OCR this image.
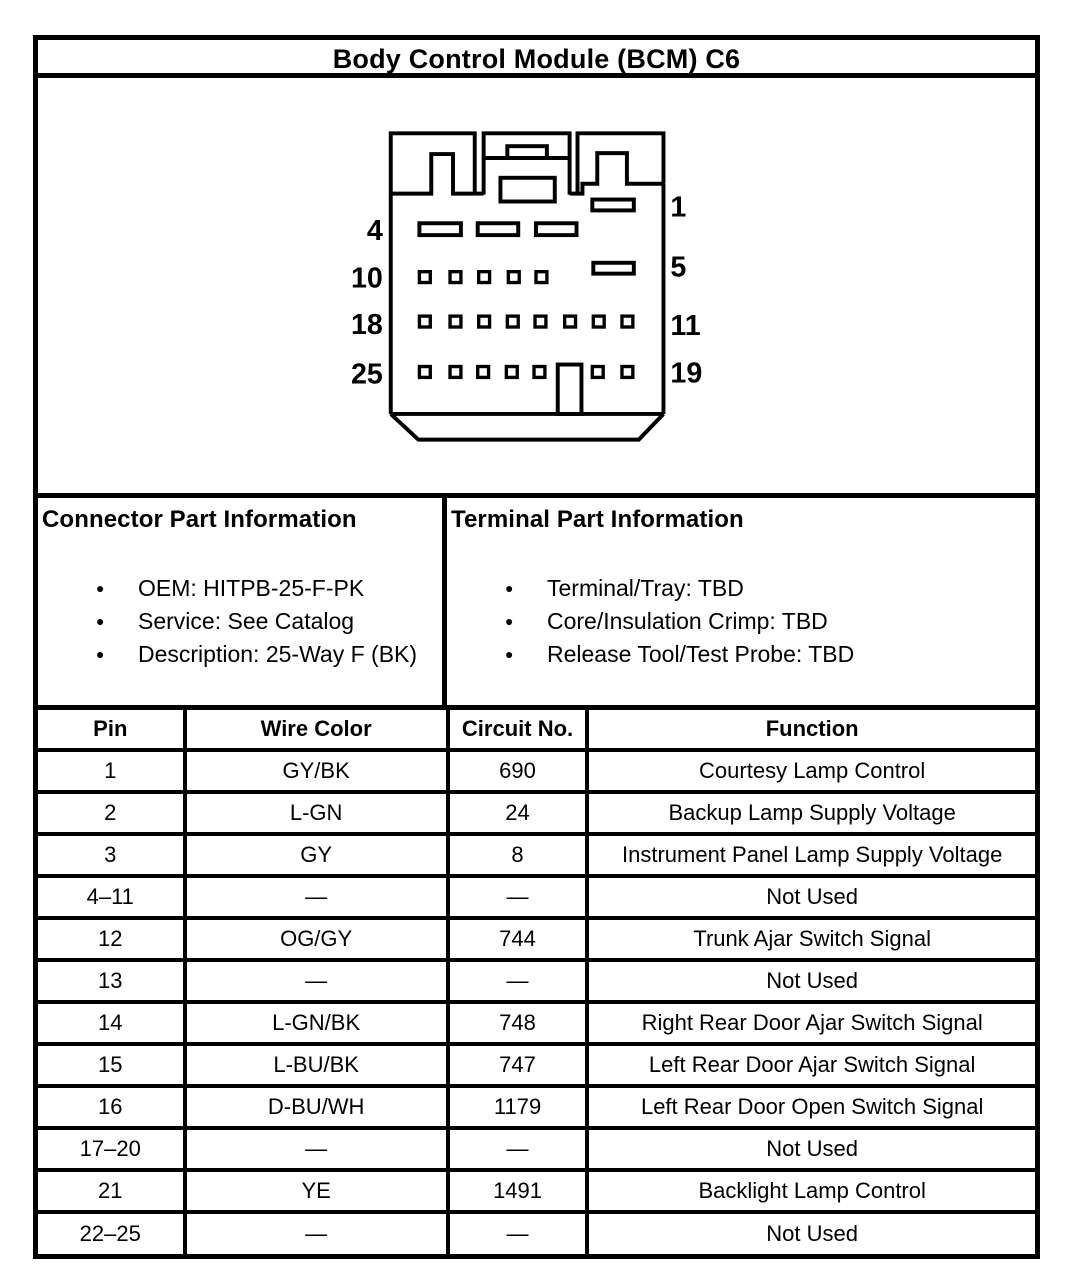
Body Control Module (BCM) C6
4
10
18
25
1
5
11
19
Connector Part Information
● OEM: HITPB-25-F-PK
● Service: See Catalog
● Description: 25-Way F (BK)
Terminal Part Information
● Terminal/Tray: TBD
● Core/Insulation Crimp: TBD
● Release Tool/Test Probe: TBD
Pin	Wire Color	Circuit No.	Function
1	GY/BK	690	Courtesy Lamp Control
2	L-GN	24	Backup Lamp Supply Voltage
3	GY	8	Instrument Panel Lamp Supply Voltage
4–11	—	—	Not Used
12	OG/GY	744	Trunk Ajar Switch Signal
13	—	—	Not Used
14	L-GN/BK	748	Right Rear Door Ajar Switch Signal
15	L-BU/BK	747	Left Rear Door Ajar Switch Signal
16	D-BU/WH	1179	Left Rear Door Open Switch Signal
17–20	—	—	Not Used
21	YE	1491	Backlight Lamp Control
22–25	—	—	Not Used
